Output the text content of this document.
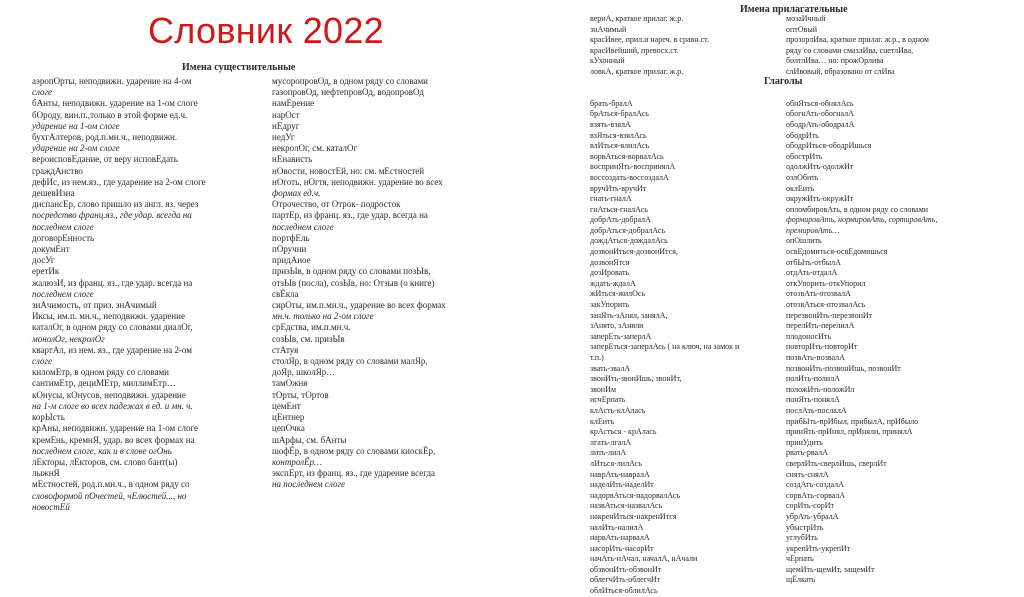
Словник 2022
Имена существительные
аэропОрты, неподвижн. ударение на 4-ом
слоге
бАнты, неподвижн. ударение на 1-ом слоге
бОроду, вин.п.,только в этой форме ед.ч.
ударение на 1-ом слоге
бухгАлтеров, род.п.мн.ч., неподвижн.
ударение на 2-ом слоге
вероисповЕдание, от веру исповЕдать
граждАнство
дефИс, из нем.яз., где ударение на 2-ом слоге
дешевИзна
диспансЕр, слово пришло из англ. яз. через
посредство франц.яз., где удар. всегда на
последнем слоге
договорЕнность
докумЕнт
досУг
еретИк
жалюзИ, из франц. яз., где удар. всегда на
последнем слоге
зиАчимость, от приз. знАчимый
Иксы, им.п. мн.ч., неподвижн. ударение
каталОг, в одном ряду со словами диалОг,
монолОг, некролОг
квартАл, из нем. яз., где ударение на 2-ом
слоге
киломЕтр, в одном ряду со словами
сантимЕтр, дециМЕтр, миллимЕтр…
кОнусы, кОнусов, неподвижн. ударение
на 1-м слоге во всех падежах в ед. и мн. ч.
корЫсть
крАны, неподвижн. ударение на 1-ом слоге
кремЕнь, кремнЯ, удар. во всех формах на
последнем слоге, как и в слове огОнь
лЕкторы, лЕкторов, см. слово бант(ы)
лыжнЯ
мЕстностей, род.п.мн.ч., в одном ряду со
словоформой пОчестей, чЕлюстей..., но
новостЕй
мусоропровОд, в одном ряду со словами
газопровОд, нефтепровОд, водопровОд
намЕрение
нарОст
нЕдруг
недУг
некролОг, см. каталОг
нЕнависть
нОвости, новостЕй, но: см. мЕстностей
нОготь, нОгтя, неподвижн. ударение во всех
формах ед.ч.
Отрочество, от Отрок- подросток
партЕр, из франц. яз., где удар. всегда на
последнем слоге
портфЕль
пОручни
придАное
призЫв, в одном ряду со словами позЫв,
отзЫв (посла), созЫв, но: Отзыв (о книге)
свЁкла
сирОты, им.п.мн.ч., ударение во всех формах
мн.ч. только на 2-ом слоге
срЕдства, им.п.мн.ч.
созЫв, см. призЫв
стАтуя
столЯр, в одном ряду со словами малЯр,
доЯр, школЯр…
тамОжня
тОрты, тОртов
цемЕнт
цЕнтнер
цепОчка
шАрфы, см. бАнты
шофЁр, в одном ряду со словами киоскЁр,
контролЁр…
экспЕрт, из франц. яз., где ударение всегда
на последнем слоге
Имена прилагательные
Глаголы
вернА, краткое прилаг. ж.р.
знАчимый
красИвее, прил.и нареч. в сравн.ст.
красИвейший, превосх.ст.
кУхонный
ловкА, краткое прилаг. ж.р.

брать-бралА
брАться-бралАсь
взять-взялА
взЯться-взялАсь
влИться-влилАсь
ворвАться-ворвалАсь
воспринЯть-воспринялА
воссоздать-воссоздалА
вручИть-вручИт
гнать-гналА
гнАться-гналАсь
добрАть-добралА
добрАться-добралАсь
дождАться-дождалАсь
дозвонИться-дозвонИтся,
дозвонЯтся
дозИровать
ждать-ждалА
жИться-жилОсь
закУпорить
занЯть-зАнял, занялА,
зАнято, зАняли
заперЕть-заперлА
заперЕться-заперлАсь ( на ключ, на замок и
т.п.)
звать-звалА
звонИть-звонИшь, звонИт,
звонИм
исчЕрпать
клАсть-клАлась
клЕить
крАсться - крАлась
лгать-лгалА
лить-лилА
лИться-лилАсь
наврАть-навралА
наделИть-наделИт
надорвАться-надорвалАсь
назвАться-назвалАсь
накренИться-накренИтся
налИть-налилА
нарвАть-нарвалА
насорИть-насорИт
начАть-нАчал, началА, нАчали
обзвонИть-обзвонИт
облегчИть-облегчИт
облИться-облилАсь
мозаИчный
оптОвый
прозорлИва, краткое прилаг. ж.р., в одном
ряду со словами смазлИва, сuетлИва,
болтлИва… но: прожОрлива
слИвовый, образовано от слИва

обнЯться-обнялАсь
обогнАть-обогналА
ободрАть-ободралА
ободрИть
ободрИться-ободрИшься
обострИть
одолжИть-одолжИт
озлОбить
оклЕить
окружИть-окружИт
опломбировАть, в одном ряду со словами
формировАть, нормировАть, сортировАть,
премировАть…
опОшлить
освЕдомиться-освЕдомишься
отбЫть-отбылА
отдАть-отдалА
откУпорить-откУпорил
отозвАть-отозвалА
отозвАться-отозвалАсь
перезвонИть-перезвонИт
перелИть-перелилА
плодоносИть
повторИть-повторИт
позвАть-позвалА
позвонИть-позвонИшь, позвонИт
полИть-полилА
положИть-положИл
понЯть-понялА
послАть-послалА
прибЫть-прИбыл, прибылА, прИбыло
принЯть-прИнял, прИняли, принялА
принУдить
рвать-рвалА
сверлИть-сверлИшь, сверлИт
снять-снялА
создАть-создалА
сорвАть-сорвалА
сорИть-сорИт
убрАть-убралА
убыстрИть
углубИть
укрепИть-укрепИт
чЕрпать
щемИть-щемИт, защемИт
щЁлкать
